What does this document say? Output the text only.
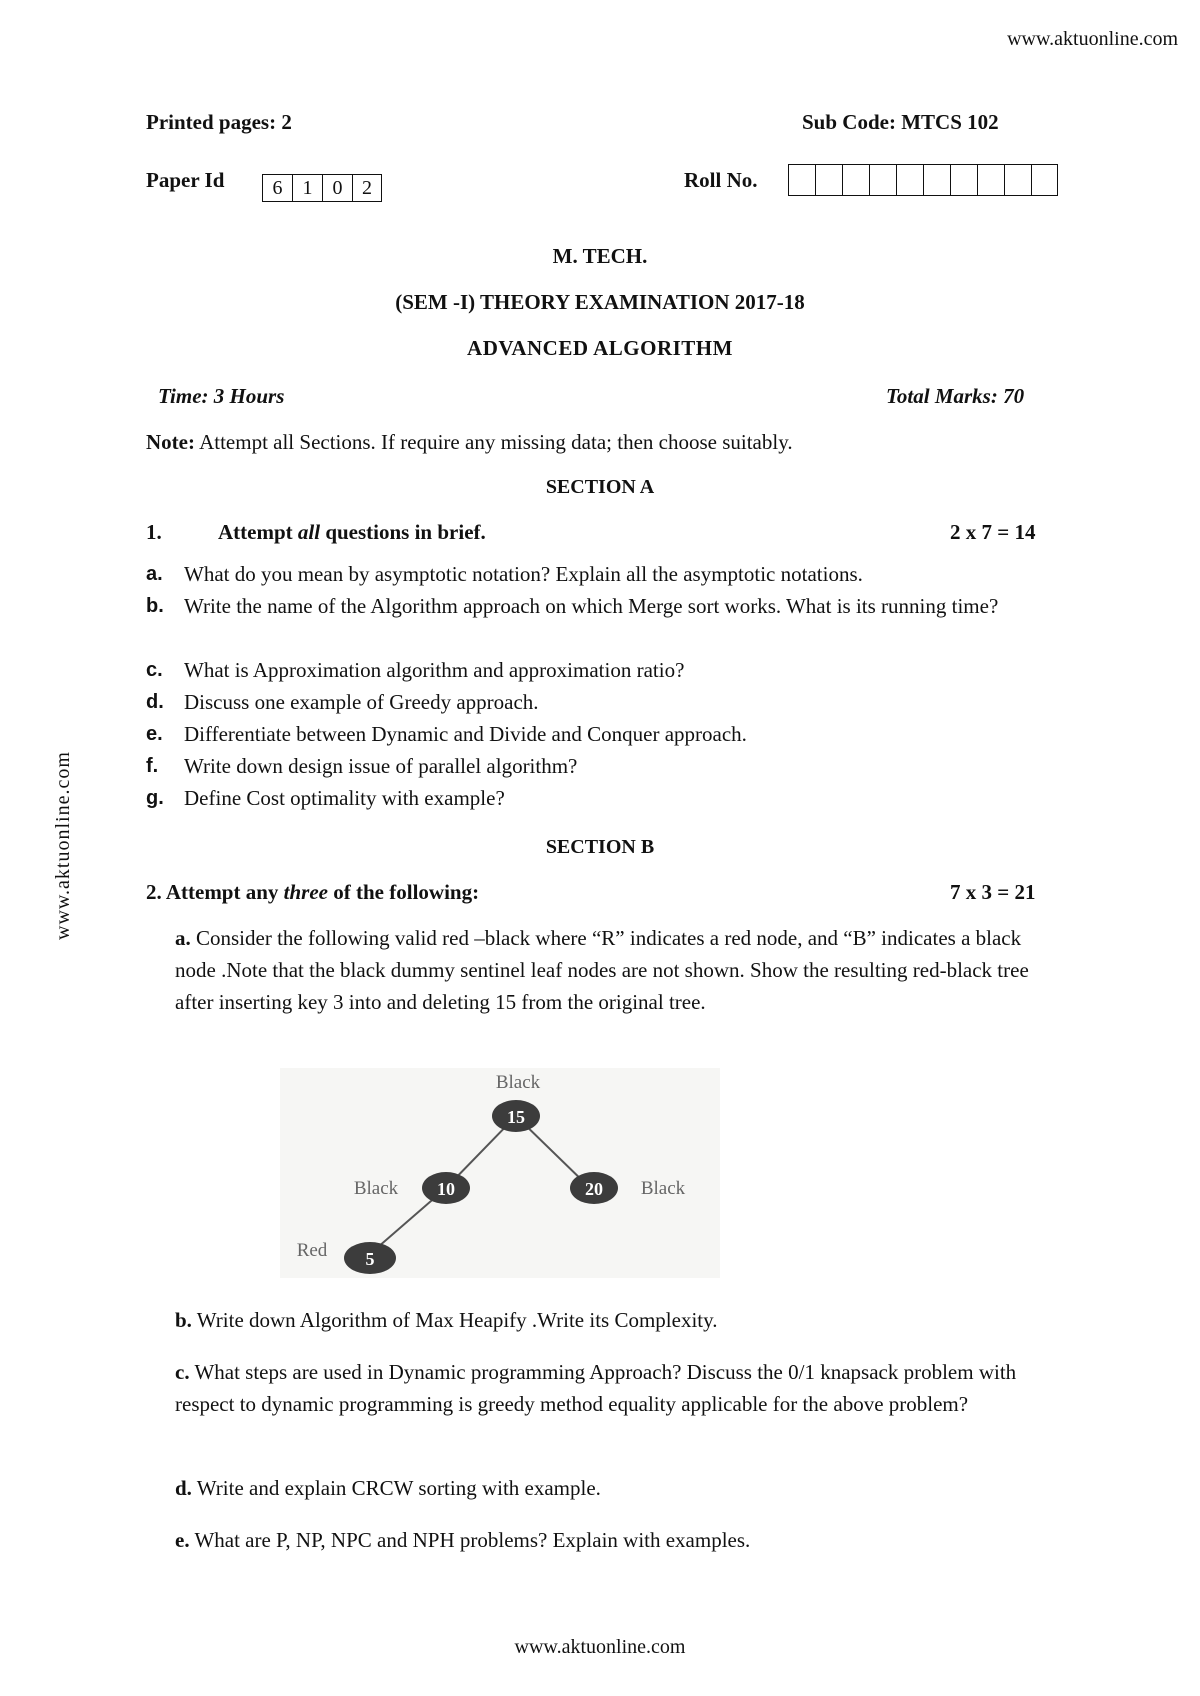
www.aktuonline.com
Printed pages: 2	Sub Code: MTCS 102
Paper Id	6	1	0 2	Roll No.
M. TECH.
(SEM -I) THEORY EXAMINATION 2017-18
ADVANCED ALGORITHM
Time: 3 Hours	Total Marks: 70
Note: Attempt all Sections. If require any missing data; then choose suitably.
SECTION A
1.	Attempt all questions in brief.	2 x 7 = 14
a. What do you mean by asymptotic notation? Explain all the asymptotic notations.
b. Write the name of the Algorithm approach on which Merge sort works. What is its running time?
c. What is Approximation algorithm and approximation ratio?
d. Discuss one example of Greedy approach.
e. Differentiate between Dynamic and Divide and Conquer approach.
f. Write down design issue of parallel algorithm?
g. Define Cost optimality with example?
SECTION B
2. Attempt any three of the following:	7 x 3 = 21
a. Consider the following valid red –black where “R” indicates a red node, and “B” indicates a black node .Note that the black dummy sentinel leaf nodes are not shown. Show the resulting red-black tree after inserting key 3 into and deleting 15 from the original tree.
Black
15
Black 10	Black
20
Red 5
b. Write down Algorithm of Max Heapify .Write its Complexity.
c. What steps are used in Dynamic programming Approach? Discuss the 0/1 knapsack problem with respect to dynamic programming is greedy method equality applicable for the above problem?
d. Write and explain CRCW sorting with example.
e. What are P, NP, NPC and NPH problems? Explain with examples.
www.aktuonline.com
www.aktuonline.com
